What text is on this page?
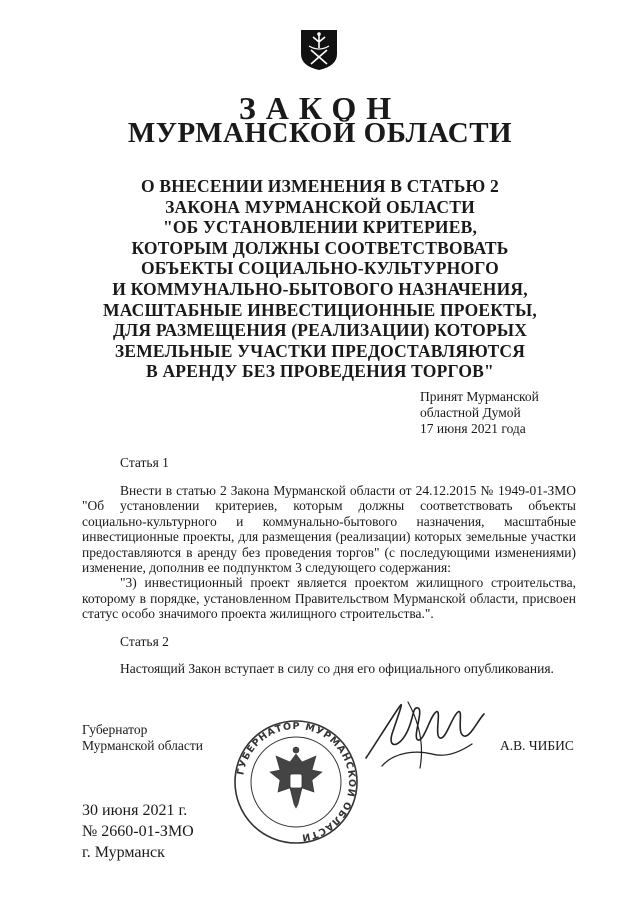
ЗАКОН
МУРМАНСКОЙ ОБЛАСТИ
О ВНЕСЕНИИ ИЗМЕНЕНИЯ В СТАТЬЮ 2
ЗАКОНА МУРМАНСКОЙ ОБЛАСТИ
"ОБ УСТАНОВЛЕНИИ КРИТЕРИЕВ,
КОТОРЫМ ДОЛЖНЫ СООТВЕТСТВОВАТЬ
ОБЪЕКТЫ СОЦИАЛЬНО-КУЛЬТУРНОГО
И КОММУНАЛЬНО-БЫТОВОГО НАЗНАЧЕНИЯ,
МАСШТАБНЫЕ ИНВЕСТИЦИОННЫЕ ПРОЕКТЫ,
ДЛЯ РАЗМЕЩЕНИЯ (РЕАЛИЗАЦИИ) КОТОРЫХ
ЗЕМЕЛЬНЫЕ УЧАСТКИ ПРЕДОСТАВЛЯЮТСЯ
В АРЕНДУ БЕЗ ПРОВЕДЕНИЯ ТОРГОВ"
Принят Мурманской
областной Думой
17 июня 2021 года
Статья 1

Внести в статью 2 Закона Мурманской области от 24.12.2015 № 1949-01-ЗМО

"Об установлении критериев, которым должны соответствовать объекты

социально-культурного и коммунально-бытового назначения, масштабные

инвестиционные проекты, для размещения (реализации) которых земельные участки

предоставляются в аренду без проведения торгов" (с последующими изменениями)

изменение, дополнив ее подпунктом 3 следующего содержания:

"3) инвестиционный проект является проектом жилищного строительства,

которому в порядке, установленном Правительством Мурманской области, присвоен

статус особо значимого проекта жилищного строительства.".

Статья 2
Настоящий Закон вступает в силу со дня его официального опубликования.
Губернатор
Мурманской области
ГУБЕРНАТОР МУРМАНСКОЙ ОБЛАСТИ
А.В. ЧИБИС
30 июня 2021 г.
№ 2660-01-ЗМО
г. Мурманск
